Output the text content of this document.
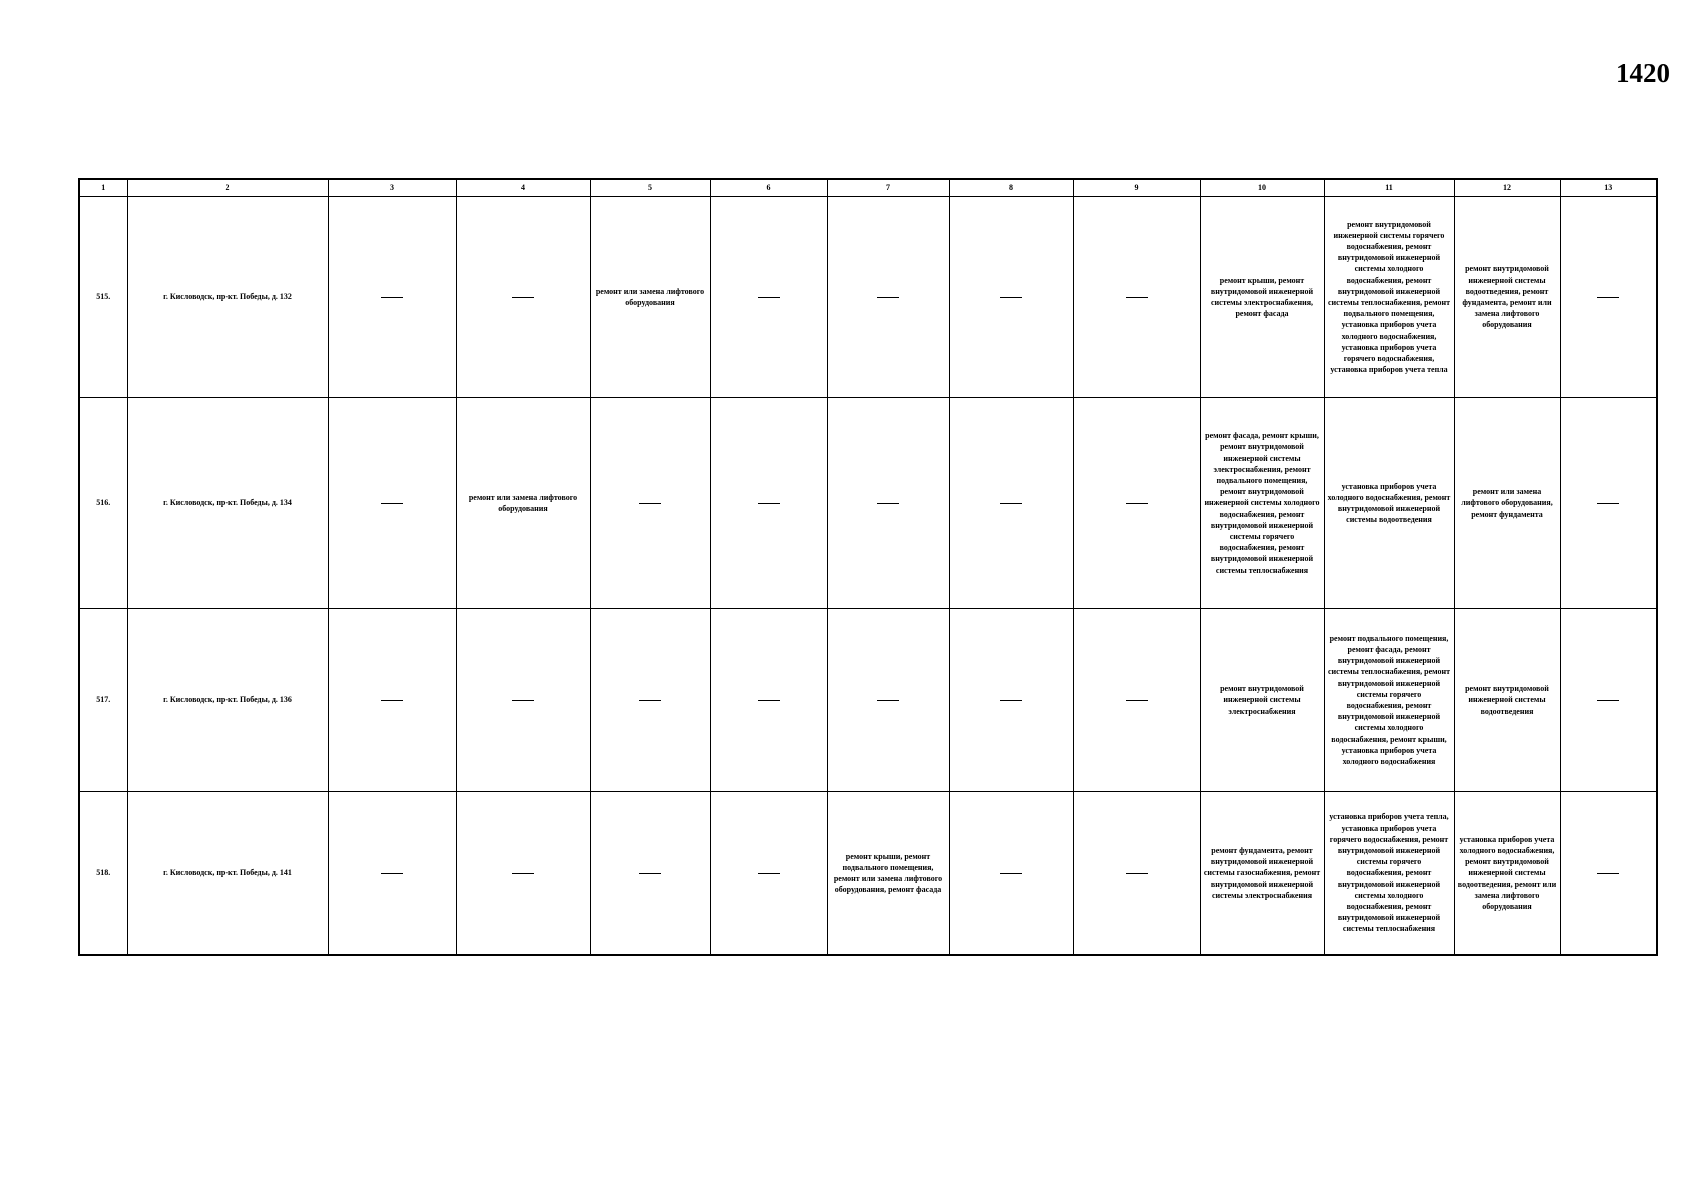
1420
1	2	3	4	5	6	7	8	9	10	11	12	13
515.	г. Кисловодск, пр-кт. Победы, д. 132			ремонт или замена лифтового оборудования					ремонт крыши, ремонт внутридомовой инженерной системы электроснабжения, ремонт фасада	ремонт внутридомовой инженерной системы горячего водоснабжения, ремонт внутридомовой инженерной системы холодного водоснабжения, ремонт внутридомовой инженерной системы теплоснабжения, ремонт подвального помещения, установка приборов учета холодного водоснабжения, установка приборов учета горячего водоснабжения, установка приборов учета тепла	ремонт внутридомовой инженерной системы водоотведения, ремонт фундамента, ремонт или замена лифтового оборудования	
516.	г. Кисловодск, пр-кт. Победы, д. 134		ремонт или замена лифтового оборудования						ремонт фасада, ремонт крыши, ремонт внутридомовой инженерной системы электроснабжения, ремонт подвального помещения, ремонт внутридомовой инженерной системы холодного водоснабжения, ремонт внутридомовой инженерной системы горячего водоснабжения, ремонт внутридомовой инженерной системы теплоснабжения	установка приборов учета холодного водоснабжения, ремонт внутридомовой инженерной системы водоотведения	ремонт или замена лифтового оборудования, ремонт фундамента	
517.	г. Кисловодск, пр-кт. Победы, д. 136								ремонт внутридомовой инженерной системы электроснабжения	ремонт подвального помещения, ремонт фасада, ремонт внутридомовой инженерной системы теплоснабжения, ремонт внутридомовой инженерной системы горячего водоснабжения, ремонт внутридомовой инженерной системы холодного водоснабжения, ремонт крыши, установка приборов учета холодного водоснабжения	ремонт внутридомовой инженерной системы водоотведения	
518.	г. Кисловодск, пр-кт. Победы, д. 141					ремонт крыши, ремонт подвального помещения, ремонт или замена лифтового оборудования, ремонт фасада			ремонт фундамента, ремонт внутридомовой инженерной системы газоснабжения, ремонт внутридомовой инженерной системы электроснабжения	установка приборов учета тепла, установка приборов учета горячего водоснабжения, ремонт внутридомовой инженерной системы горячего водоснабжения, ремонт внутридомовой инженерной системы холодного водоснабжения, ремонт внутридомовой инженерной системы теплоснабжения	установка приборов учета холодного водоснабжения, ремонт внутридомовой инженерной системы водоотведения, ремонт или замена лифтового оборудования	
